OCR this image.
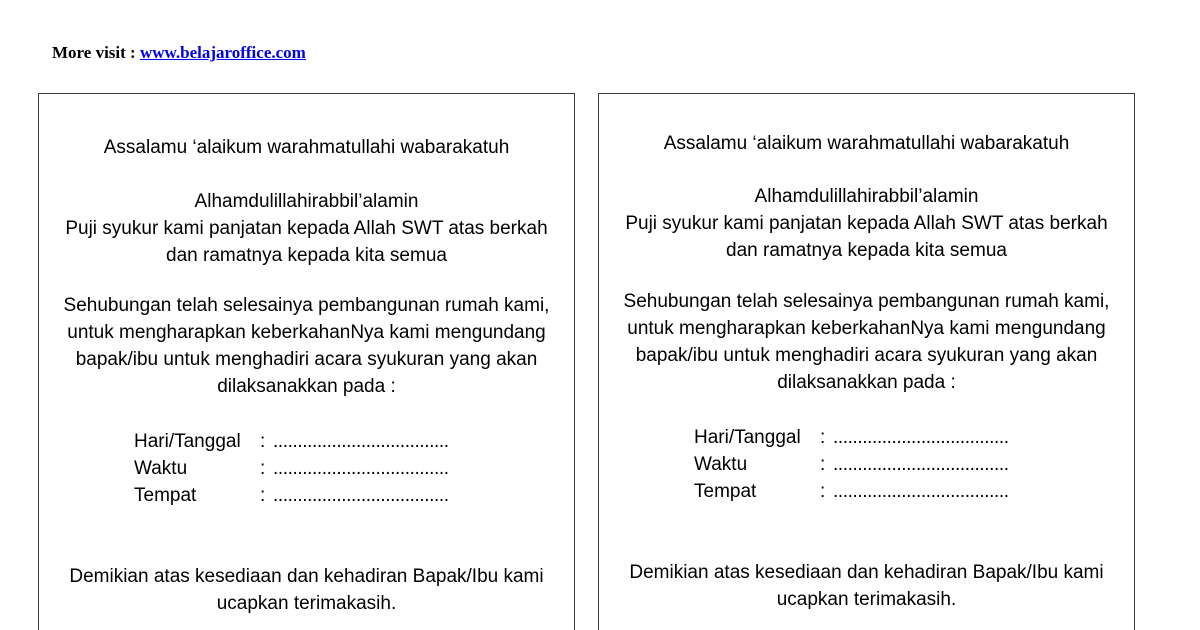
More visit : www.belajaroffice.com
Assalamu ‘alaikum warahmatullahi wabarakatuh
Alhamdulillahirabbil’alamin
Puji syukur kami panjatan kepada Allah SWT atas berkah
dan ramatnya kepada kita semua
Sehubungan telah selesainya pembangunan rumah kami,
untuk mengharapkan keberkahanNya kami mengundang
bapak/ibu untuk menghadiri acara syukuran yang akan
dilaksanakkan pada :
Hari/Tanggal : ....................................
Waktu	: ....................................
Tempat	: ....................................
Demikian atas kesediaan dan kehadiran Bapak/Ibu kami
ucapkan terimakasih.
Assalamu ‘alaikum warahmatullahi wabarakatuh
Alhamdulillahirabbil’alamin
Puji syukur kami panjatan kepada Allah SWT atas berkah
dan ramatnya kepada kita semua
Sehubungan telah selesainya pembangunan rumah kami,
untuk mengharapkan keberkahanNya kami mengundang
bapak/ibu untuk menghadiri acara syukuran yang akan
dilaksanakkan pada :
Hari/Tanggal : ....................................
Waktu	: ....................................
Tempat	: ....................................
Demikian atas kesediaan dan kehadiran Bapak/Ibu kami
ucapkan terimakasih.
